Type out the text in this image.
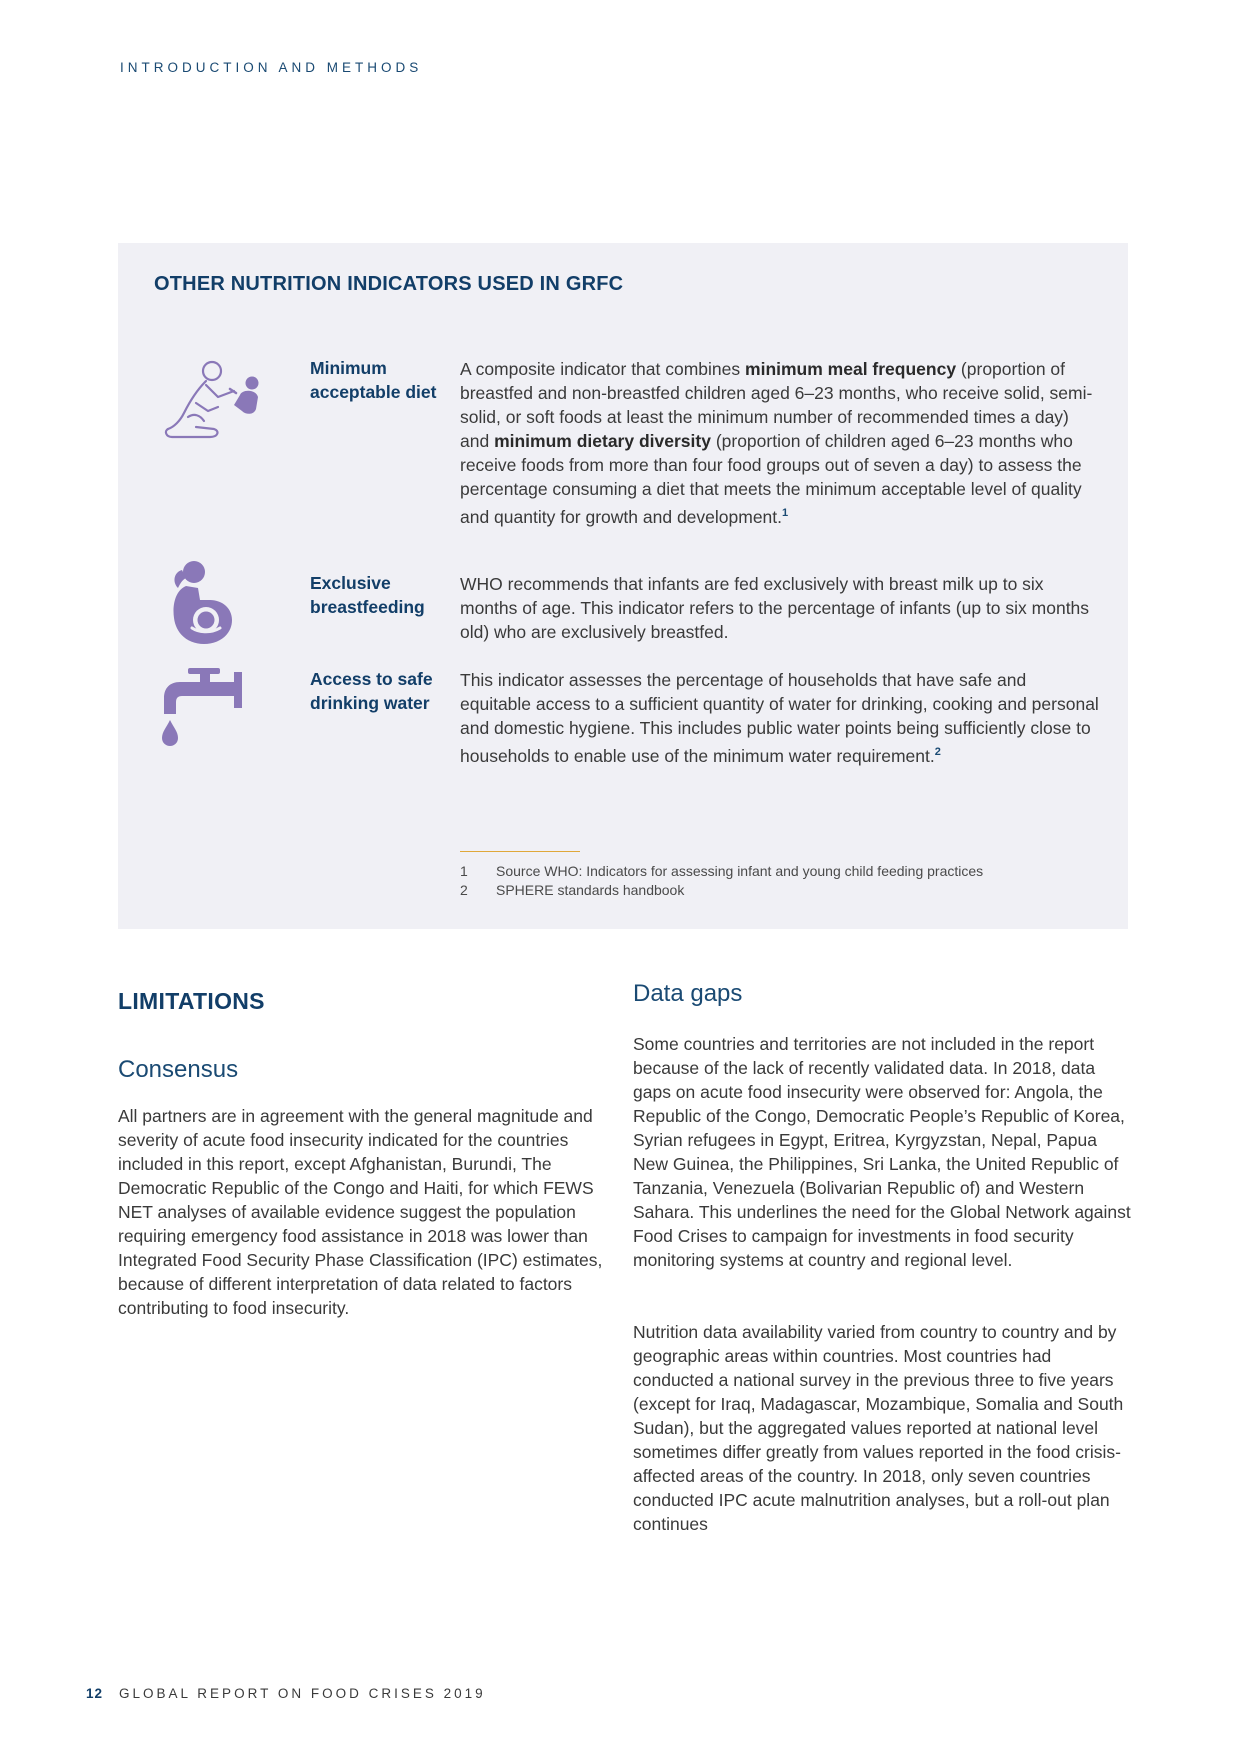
INTRODUCTION AND METHODS
OTHER NUTRITION INDICATORS USED IN GRFC
Minimum acceptable diet

A composite indicator that combines minimum meal frequency (proportion of breastfed and non-breastfed children aged 6–23 months, who receive solid, semi-solid, or soft foods at least the minimum number of recommended times a day) and minimum dietary diversity (proportion of children aged 6–23 months who receive foods from more than four food groups out of seven a day) to assess the percentage consuming a diet that meets the minimum acceptable level of quality and quantity for growth and development.$^1$

Exclusive breastfeeding

WHO recommends that infants are fed exclusively with breast milk up to six months of age. This indicator refers to the percentage of infants (up to six months old) who are exclusively breastfed.

Access to safe drinking water

This indicator assesses the percentage of households that have safe and equitable access to a sufficient quantity of water for drinking, cooking and personal and domestic hygiene. This includes public water points being sufficiently close to households to enable use of the minimum water requirement.$^2$

1	Source WHO: Indicators for assessing infant and young child feeding practices
2	SPHERE standards handbook
LIMITATIONS
Consensus

All partners are in agreement with the general magnitude and severity of acute food insecurity indicated for the countries included in this report, except Afghanistan, Burundi, The Democratic Republic of the Congo and Haiti, for which FEWS NET analyses of available evidence suggest the population requiring emergency food assistance in 2018 was lower than Integrated Food Security Phase Classification (IPC) estimates, because of different interpretation of data related to factors contributing to food insecurity.

Data gaps

Some countries and territories are not included in the report because of the lack of recently validated data. In 2018, data gaps on acute food insecurity were observed for: Angola, the Republic of the Congo, Democratic People’s Republic of Korea, Syrian refugees in Egypt, Eritrea, Kyrgyzstan, Nepal, Papua New Guinea, the Philippines, Sri Lanka, the United Republic of Tanzania, Venezuela (Bolivarian Republic of) and Western Sahara. This underlines the need for the Global Network against Food Crises to campaign for investments in food security monitoring systems at country and regional level.

Nutrition data availability varied from country to country and by geographic areas within countries. Most countries had conducted a national survey in the previous three to five years (except for Iraq, Madagascar, Mozambique, Somalia and South Sudan), but the aggregated values reported at national level sometimes differ greatly from values reported in the food crisis-affected areas of the country. In 2018, only seven countries conducted IPC acute malnutrition analyses, but a roll-out plan continues

12 GLOBAL REPORT ON FOOD CRISES 2019
